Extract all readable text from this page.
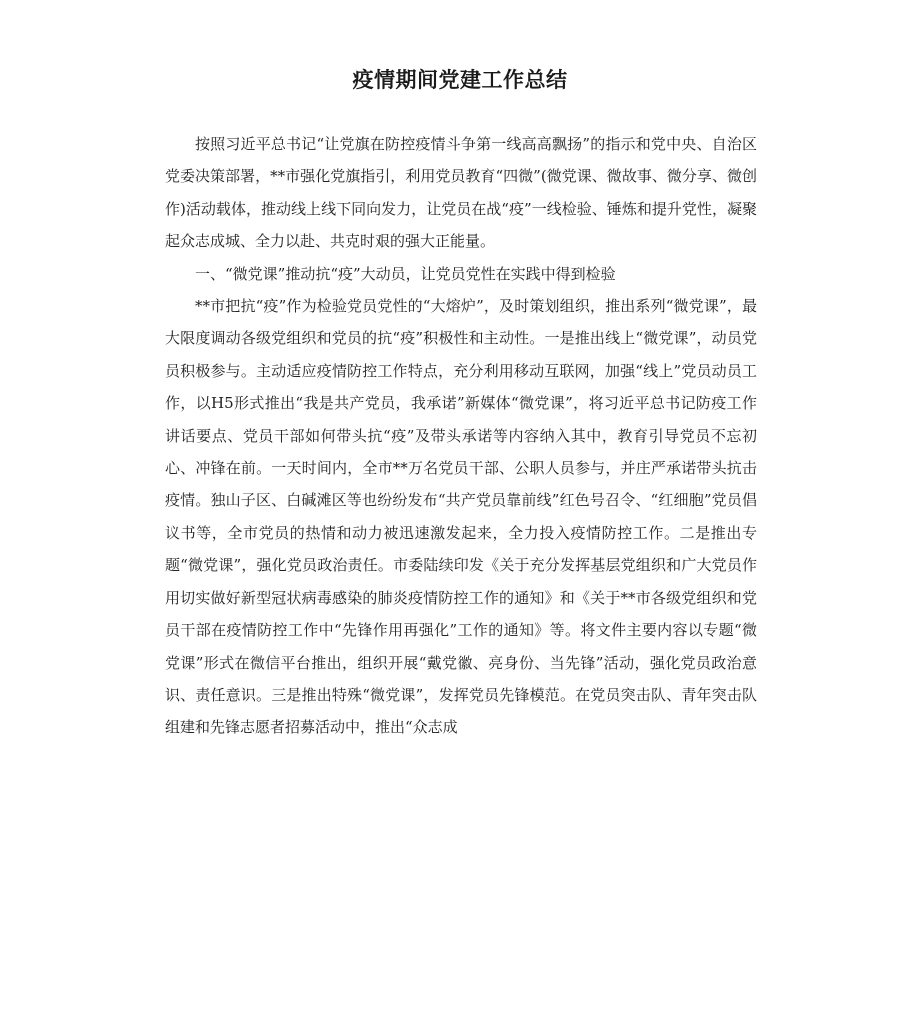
疫情期间党建工作总结

按照习近平总书记“让党旗在防控疫情斗争第一线高高飘扬”的指示和党中央、自治区党委决策部署，**市强化党旗指引，利用党员教育“四微”(微党课、微故事、微分享、微创作)活动载体，推动线上线下同向发力，让党员在战“疫”一线检验、锤炼和提升党性，凝聚起众志成城、全力以赴、共克时艰的强大正能量。

一、“微党课”推动抗“疫”大动员，让党员党性在实践中得到检验

**市把抗“疫”作为检验党员党性的“大熔炉”，及时策划组织，推出系列“微党课”，最大限度调动各级党组织和党员的抗“疫”积极性和主动性。一是推出线上“微党课”，动员党员积极参与。主动适应疫情防控工作特点，充分利用移动互联网，加强“线上”党员动员工作，以H5形式推出“我是共产党员，我承诺”新媒体“微党课”，将习近平总书记防疫工作讲话要点、党员干部如何带头抗“疫”及带头承诺等内容纳入其中，教育引导党员不忘初心、冲锋在前。一天时间内，全市**万名党员干部、公职人员参与，并庄严承诺带头抗击疫情。独山子区、白碱滩区等也纷纷发布“共产党员靠前线”红色号召令、“红细胞”党员倡议书等，全市党员的热情和动力被迅速激发起来，全力投入疫情防控工作。二是推出专题“微党课”，强化党员政治责任。市委陆续印发《关于充分发挥基层党组织和广大党员作用切实做好新型冠状病毒感染的肺炎疫情防控工作的通知》和《关于**市各级党组织和党员干部在疫情防控工作中“先锋作用再强化”工作的通知》等。将文件主要内容以专题“微党课”形式在微信平台推出，组织开展“戴党徽、亮身份、当先锋”活动，强化党员政治意识、责任意识。三是推出特殊“微党课”，发挥党员先锋模范。在党员突击队、青年突击队组建和先锋志愿者招募活动中，推出“众志成
